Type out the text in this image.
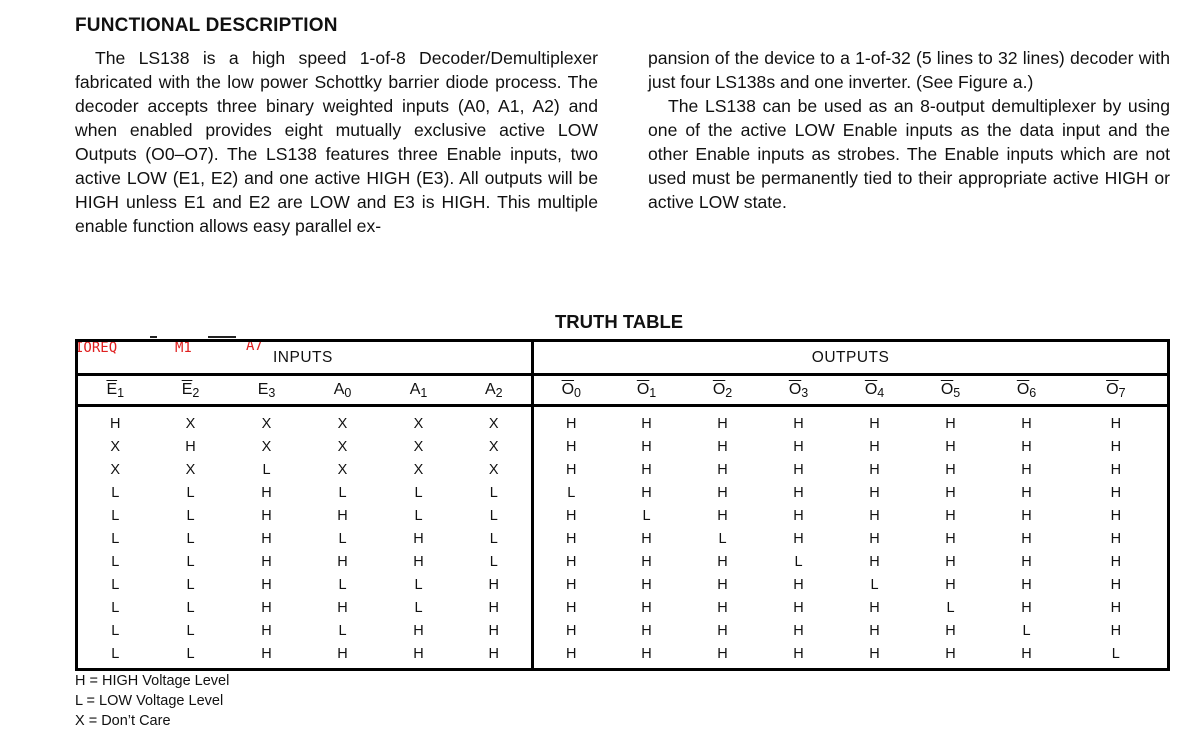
FUNCTIONAL DESCRIPTION

The LS138 is a high speed 1-of-8 Decoder/Demultiplexer fabricated with the low power Schottky barrier diode process. The decoder accepts three binary weighted inputs (A0, A1, A2) and when enabled provides eight mutually exclusive active LOW Outputs (O0–O7). The LS138 features three Enable inputs, two active LOW (E1, E2) and one active HIGH (E3). All outputs will be HIGH unless E1 and E2 are LOW and E3 is HIGH. This multiple enable function allows easy parallel ex-

pansion of the device to a 1-of-32 (5 lines to 32 lines) decoder with just four LS138s and one inverter. (See Figure a.)

The LS138 can be used as an 8-output demultiplexer by using one of the active LOW Enable inputs as the data input and the other Enable inputs as strobes. The Enable inputs which are not used must be permanently tied to their appropriate active HIGH or active LOW state.

TRUTH TABLE
IOREQ	M1	A7
INPUTS						OUTPUTS							
$\overline{E}_1$	$\overline{E}_2$	$E_3$	$A_0$	$A_1$	$A_2$	$\overline{O}_0$	$\overline{O}_1$	$\overline{O}_2$	$\overline{O}_3$	$\overline{O}_4$	$\overline{O}_5$	$\overline{O}_6$	$\overline{O}_7$
H	X	X	X	X	X	H	H	H	H	H	H	H	H
X	H	X	X	X	X	H	H	H	H	H	H	H	H
X	X	L	X	X	X	H	H	H	H	H	H	H	H
L	L	H	L	L	L	L	H	H	H	H	H	H	H
L	L	H	H	L	L	H	L	H	H	H	H	H	H
L	L	H	L	H	L	H	H	L	H	H	H	H	H
L	L	H	H	H	L	H	H	H	L	H	H	H	H
L	L	H	L	L	H	H	H	H	H	L	H	H	H
L	L	H	H	L	H	H	H	H	H	H	L	H	H
L	L	H	L	H	H	H	H	H	H	H	H	L	H
L	L	H	H	H	H	H	H	H	H	H	H	H	L
H = HIGH Voltage Level
L = LOW Voltage Level
X = Don’t Care
